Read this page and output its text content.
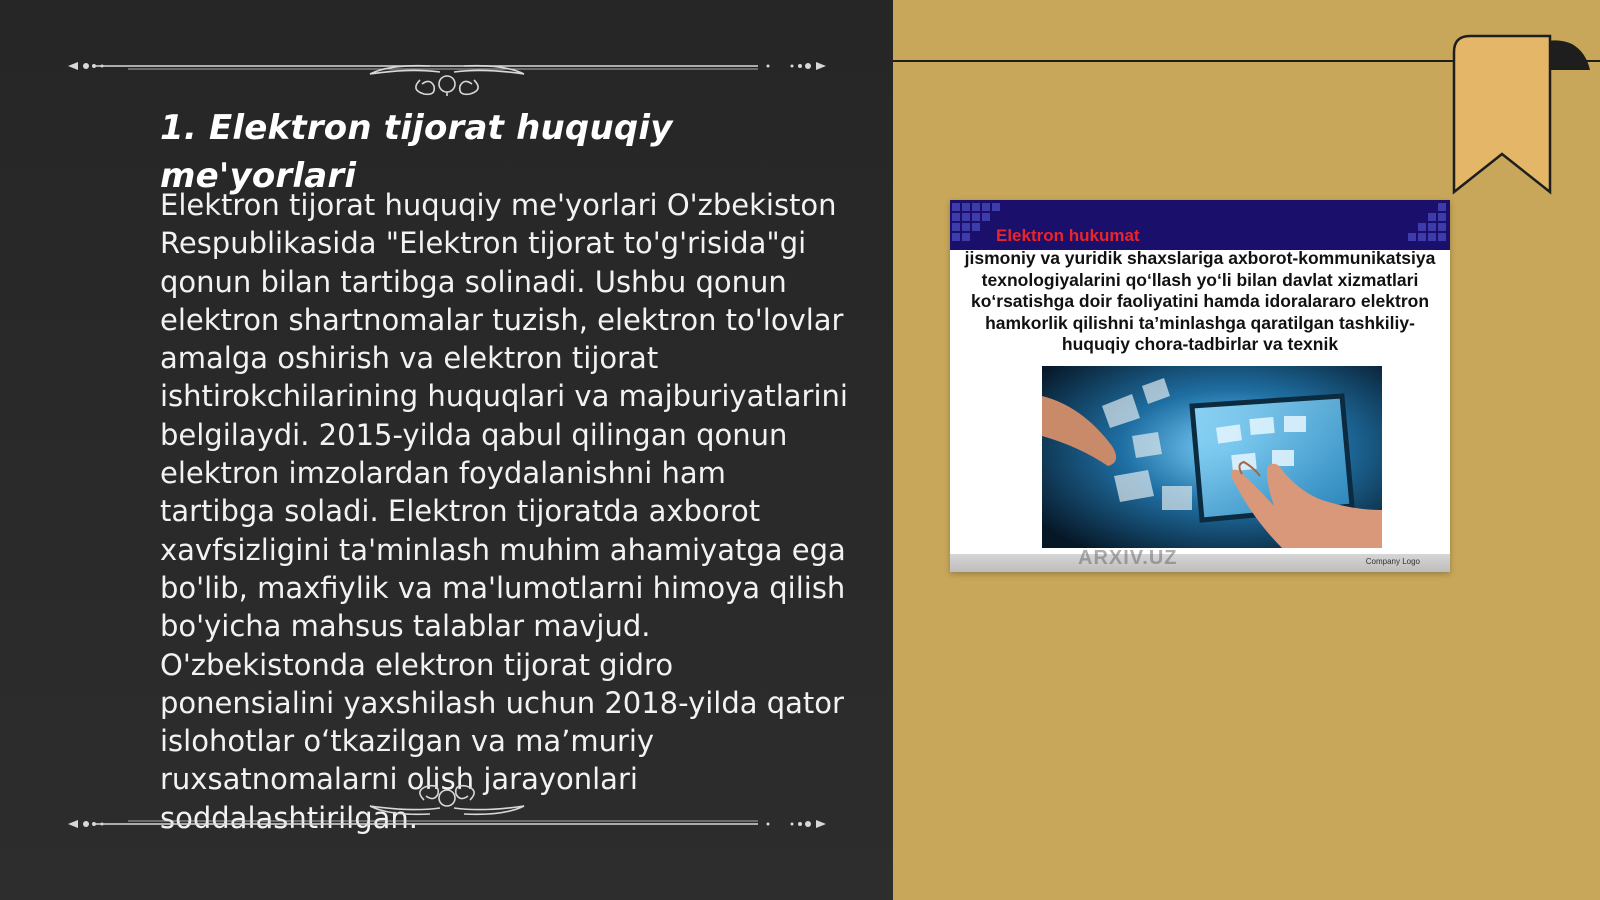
1. Elektron tijorat huquqiy me'yorlari

Elektron tijorat huquqiy me'yorlari O'zbekiston Respublikasida "Elektron tijorat to'g'risida"gi qonun bilan tartibga solinadi. Ushbu qonun elektron shartnomalar tuzish, elektron to'lovlar amalga oshirish va elektron tijorat ishtirokchilarining huquqlari va majburiyatlarini belgilaydi. 2015-yilda qabul qilingan qonun elektron imzolardan foydalanishni ham tartibga soladi. Elektron tijoratda axborot xavfsizligini ta'minlash muhim ahamiyatga ega bo'lib, maxfiylik va ma'lumotlarni himoya qilish bo'yicha mahsus talablar mavjud. O'zbekistonda elektron tijorat gidro ponensialini yaxshilash uchun 2018-yilda qator islohotlar o‘tkazilgan va ma’muriy ruxsatnomalarni olish jarayonlari soddalashtirilgan.

Elektron hukumat

jismoniy va yuridik shaxslariga axborot-kommunikatsiya texnologiyalarini qo‘llash yo‘li bilan davlat xizmatlari ko‘rsatishga doir faoliyatini hamda idoralararo elektron hamkorlik qilishni ta’minlashga qaratilgan tashkiliy-huquqiy chora-tadbirlar va texnik

Company Logo
ARXIV.UZ
